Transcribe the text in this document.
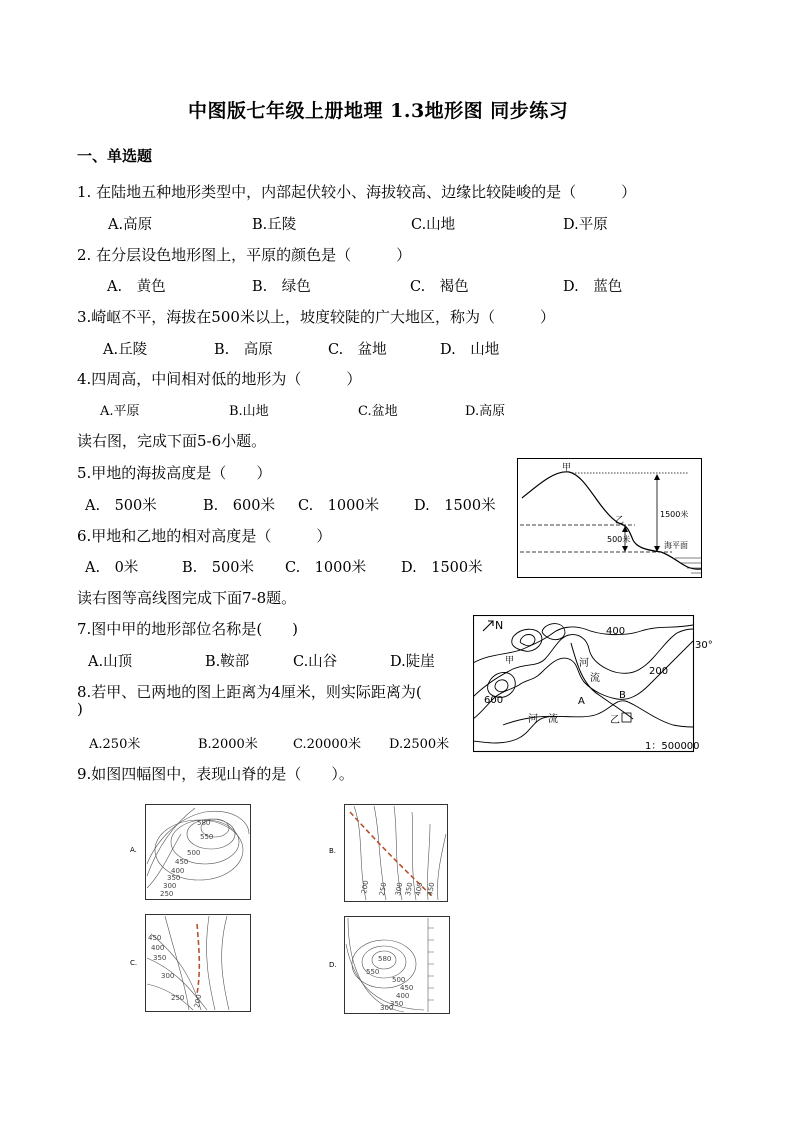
中图版七年级上册地理 1.3地形图 同步练习
一、单选题
1. 在陆地五种地形类型中，内部起伏较小、海拔较高、边缘比较陡峻的是（　　　）
A.高原	B.丘陵	C.山地	D.平原
2. 在分层设色地形图上，平原的颜色是（　　　）
A.　黄色	B.　绿色	C.　褐色	D.　蓝色
3.崎岖不平，海拔在500米以上，坡度较陡的广大地区，称为（　　　）
A.丘陵	B.　高原	C.　盆地	D.　山地
4.四周高，中间相对低的地形为（　　　）
A.平原	B.山地	C.盆地	D.高原
读右图，完成下面5-6小题。
5.甲地的海拔高度是（　　）
A.　500米	B.　600米 C.　1000米 D.　1500米
6.甲地和乙地的相对高度是（　　　）
A.　0米	B.　500米 C.　1000米 D.　1500米
读右图等高线图完成下面7-8题。
7.图中甲的地形部位名称是(　　)
A.山顶	B.鞍部	C.山谷	D.陡崖
8.若甲、已两地的图上距离为4厘米，则实际距离为(
)
A.250米	B.2000米	C.20000米 D.2500米
9.如图四幅图中，表现山脊的是（　　）。
甲
乙
1500米
500米
海平面
N	400
200
600
30°
河
流
河　流
A
B
甲
乙
1：500000
A.
580
550
500
450
400
350
300
250
B.
200 250 300 350 400 450
C.
450
400
350
300
250 200
D.
580
550
500
450
400
350
300
